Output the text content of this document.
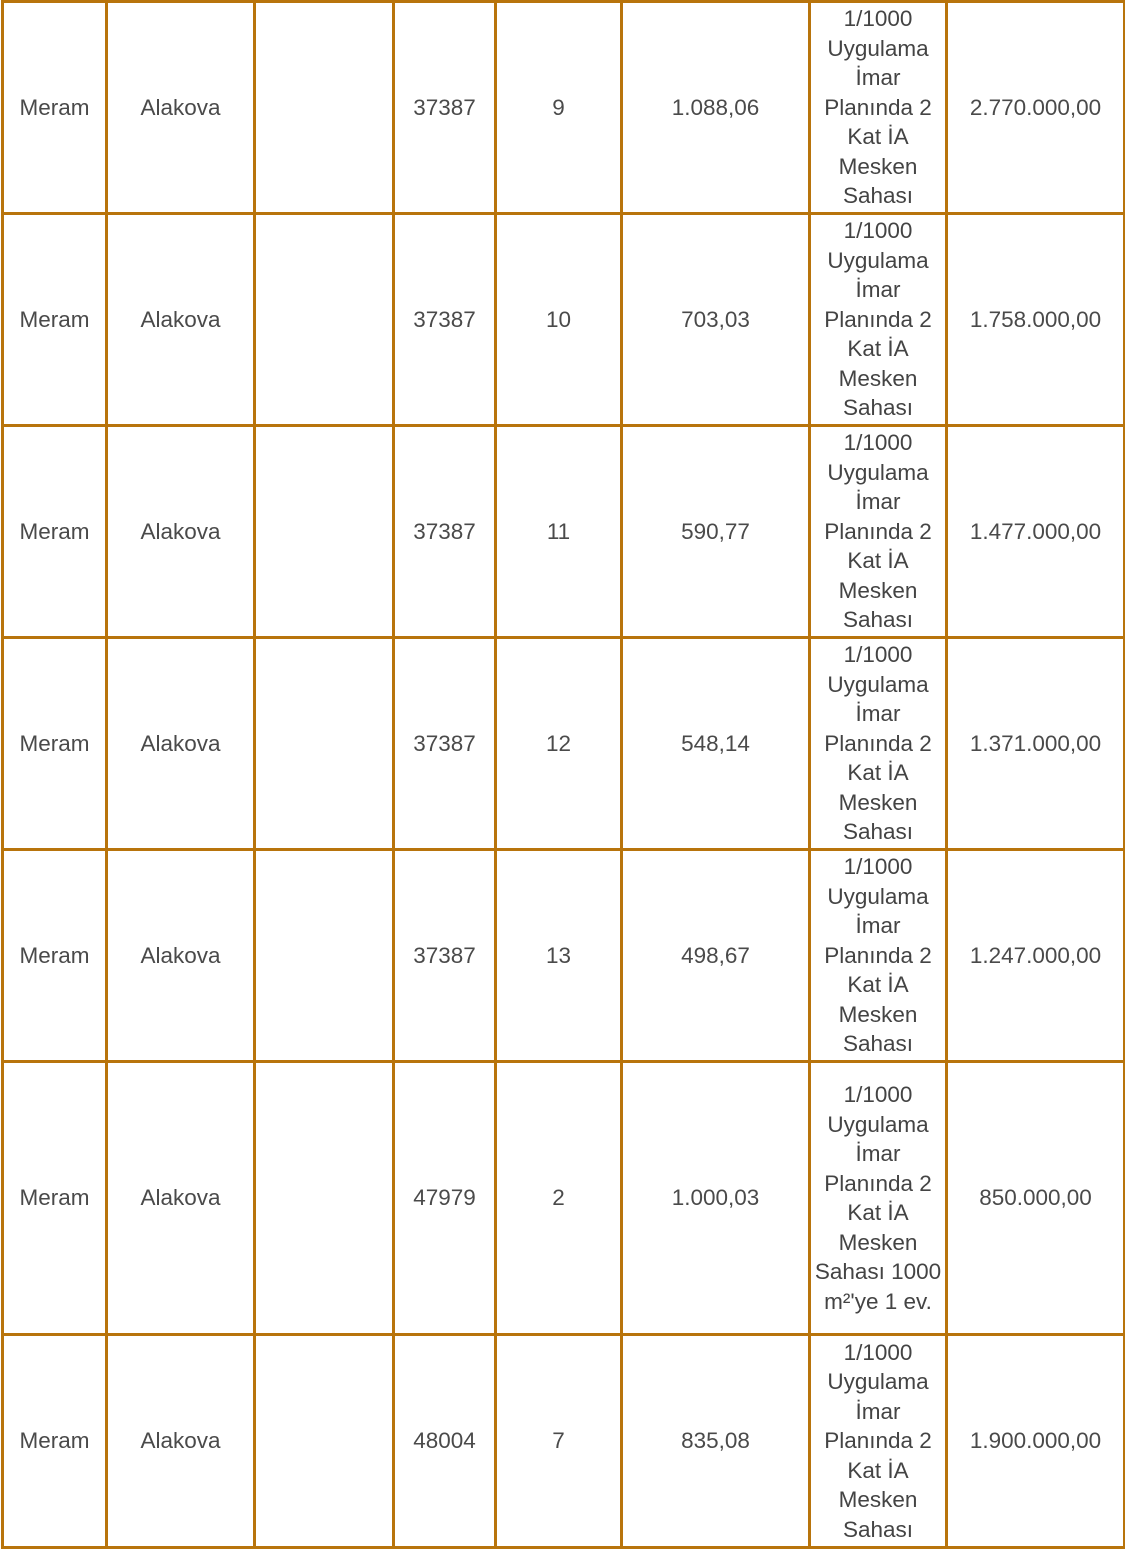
Meram	Alakova		37387	9	1.088,06	1/1000 Uygulama İmar Planında 2 Kat İA Mesken Sahası	2.770.000,00
Meram	Alakova		37387	10	703,03	1/1000 Uygulama İmar Planında 2 Kat İA Mesken Sahası	1.758.000,00
Meram	Alakova		37387	11	590,77	1/1000 Uygulama İmar Planında 2 Kat İA Mesken Sahası	1.477.000,00
Meram	Alakova		37387	12	548,14	1/1000 Uygulama İmar Planında 2 Kat İA Mesken Sahası	1.371.000,00
Meram	Alakova		37387	13	498,67	1/1000 Uygulama İmar Planında 2 Kat İA Mesken Sahası	1.247.000,00
Meram	Alakova		47979	2	1.000,03	1/1000 Uygulama İmar Planında 2 Kat İA Mesken Sahası 1000 m²'ye 1 ev.	850.000,00
Meram	Alakova		48004	7	835,08	1/1000 Uygulama İmar Planında 2 Kat İA Mesken Sahası	1.900.000,00
